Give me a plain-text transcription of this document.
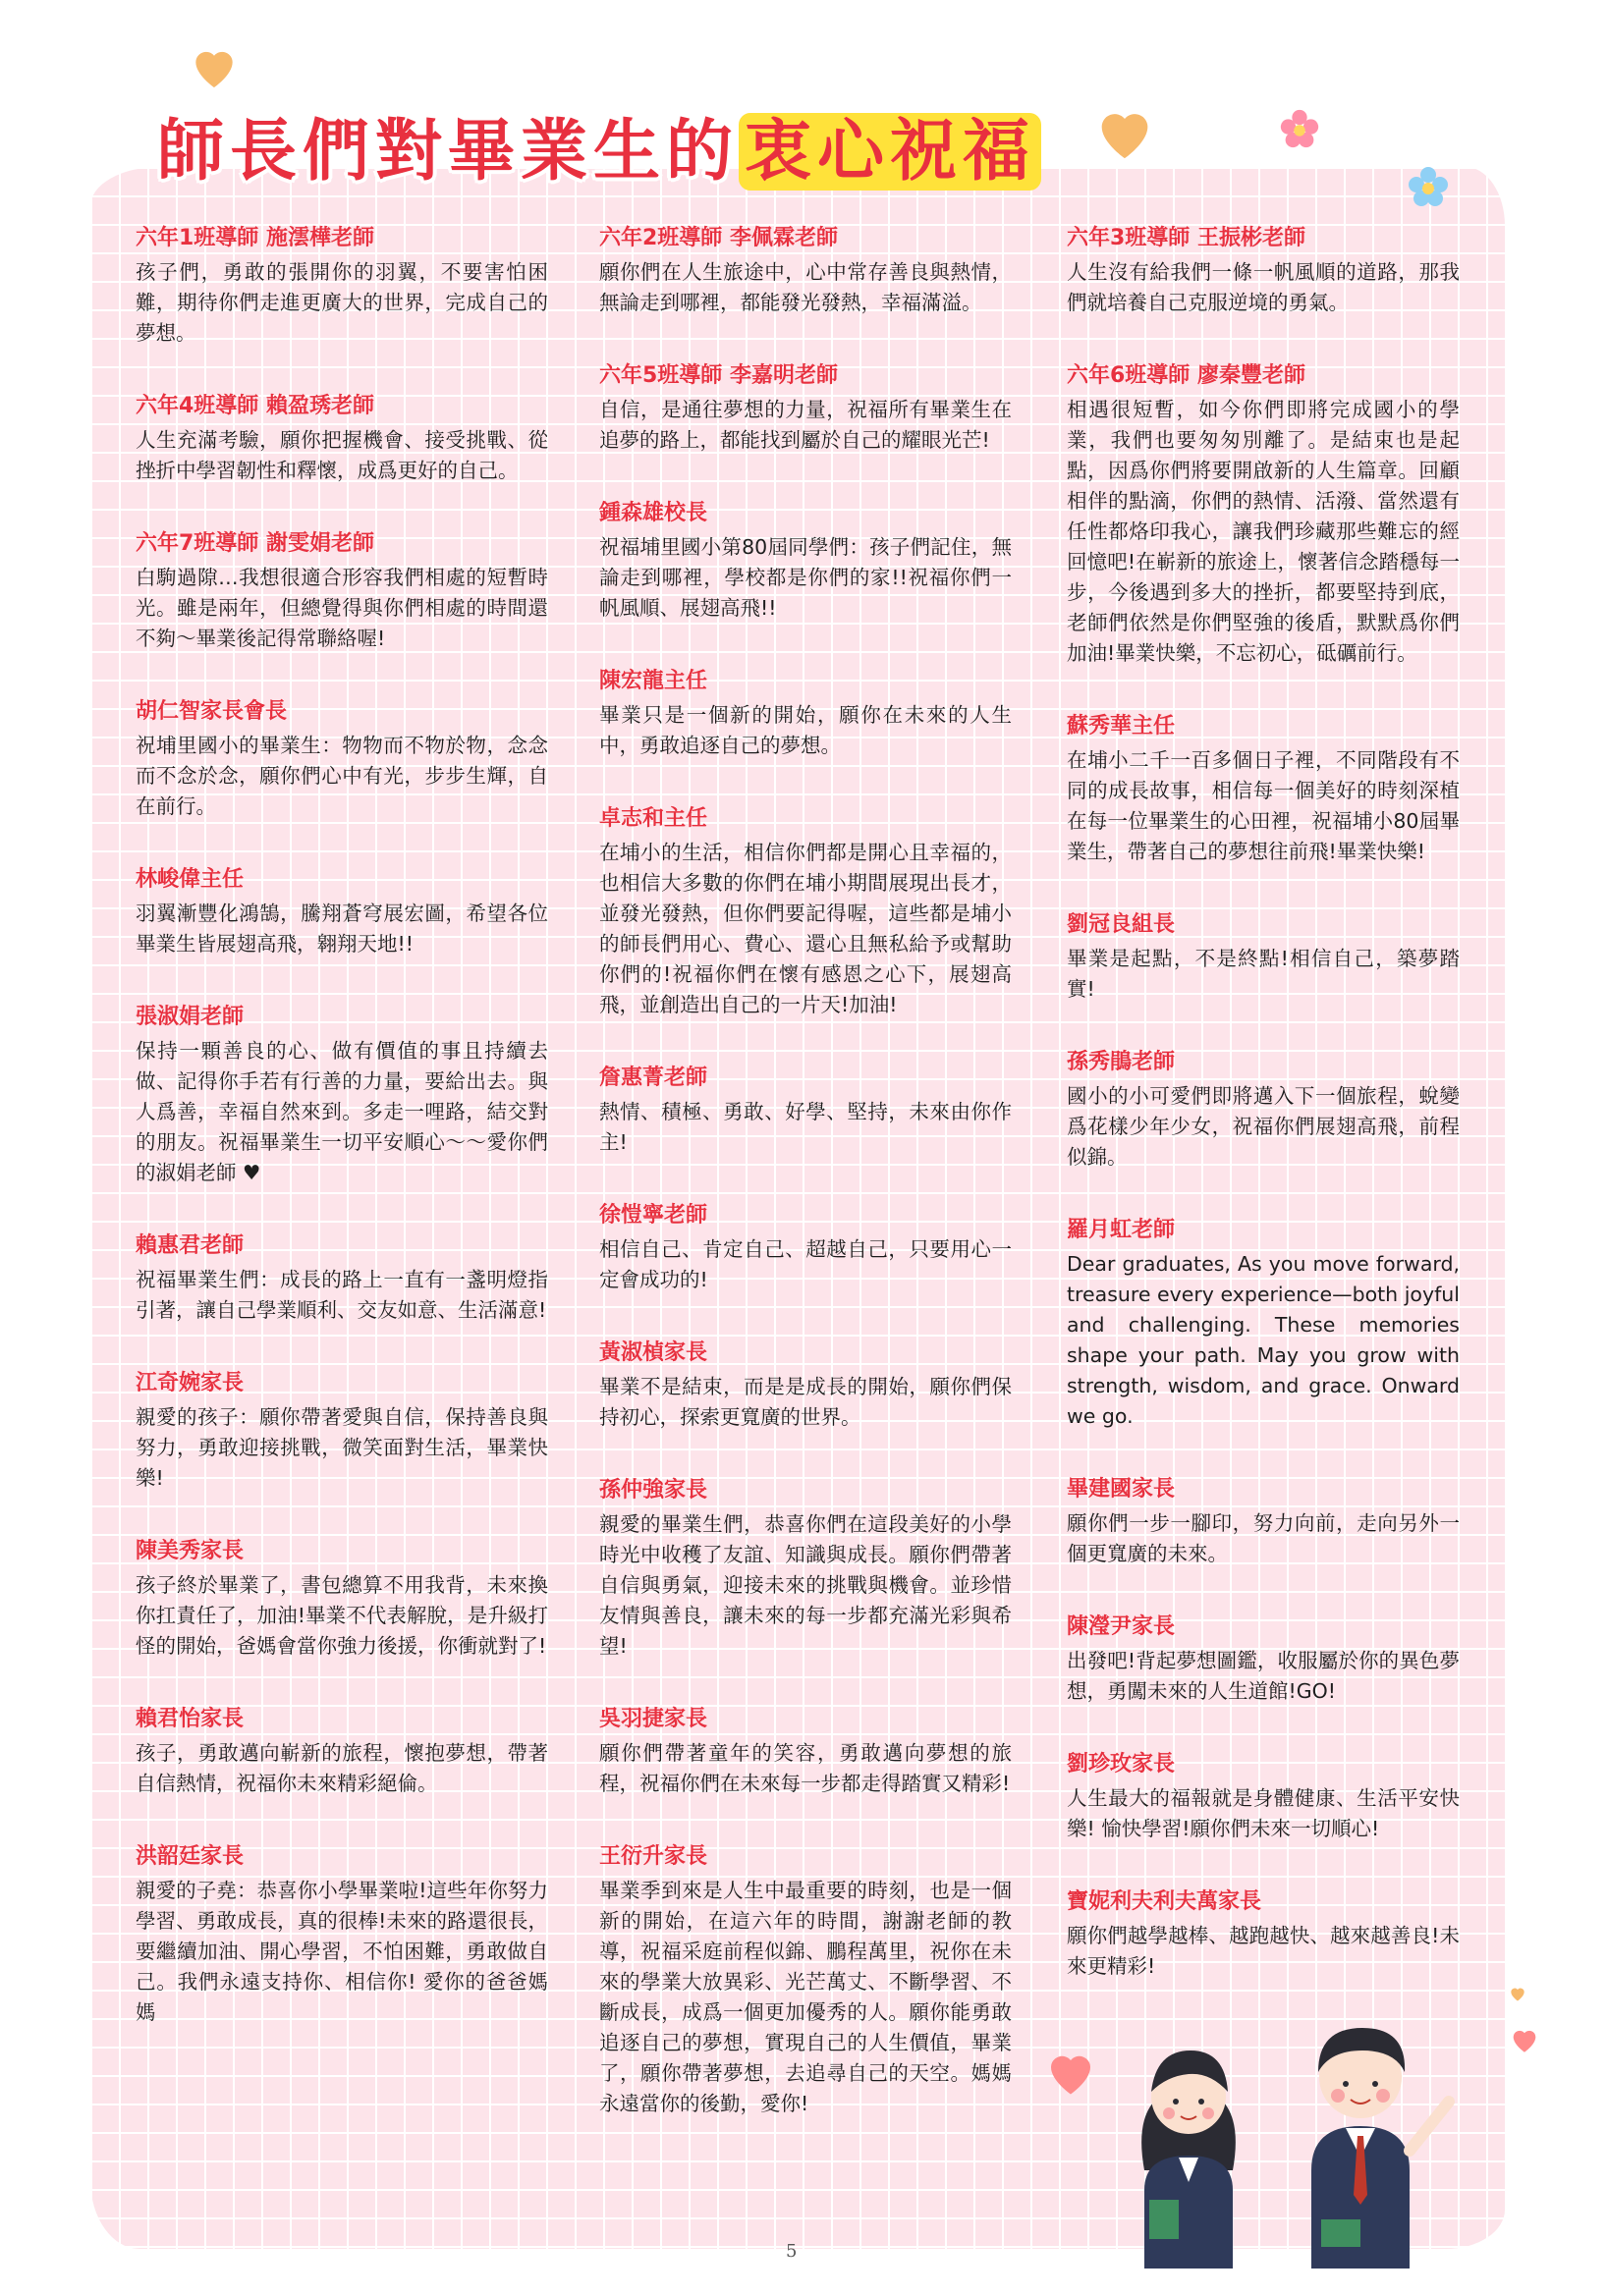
師長們對畢業生的衷心祝福
六年1班導師 施澐樺老師
孩子們，勇敢的張開你的羽翼，不要害怕困難，期待你們走進更廣大的世界，完成自己的夢想。
六年4班導師 賴盈琇老師
人生充滿考驗，願你把握機會、接受挑戰、從挫折中學習韌性和釋懷，成爲更好的自己。
六年7班導師 謝雯娟老師
白駒過隙…我想很適合形容我們相處的短暫時光。雖是兩年，但總覺得與你們相處的時間還不夠～畢業後記得常聯絡喔!
胡仁智家長會長
祝埔里國小的畢業生：物物而不物於物，念念而不念於念，願你們心中有光，步步生輝，自在前行。
林峻偉主任
羽翼漸豐化鴻鵠，騰翔蒼穹展宏圖，希望各位畢業生皆展翅高飛，翱翔天地!!
張淑娟老師
保持一顆善良的心、做有價值的事且持續去做、記得你手若有行善的力量，要給出去。與人爲善，幸福自然來到。多走一哩路，結交對的朋友。祝福畢業生一切平安順心～～愛你們的淑娟老師 ♥
賴惠君老師
祝福畢業生們：成長的路上一直有一盞明燈指引著，讓自己學業順利、交友如意、生活滿意!
江奇婉家長
親愛的孩子：願你帶著愛與自信，保持善良與努力，勇敢迎接挑戰，微笑面對生活，畢業快樂!
陳美秀家長
孩子終於畢業了，書包總算不用我背，未來換你扛責任了，加油!畢業不代表解脫，是升級打怪的開始，爸媽會當你強力後援，你衝就對了!
賴君怡家長
孩子，勇敢邁向嶄新的旅程，懷抱夢想，帶著自信熱情，祝福你未來精彩絕倫。
洪韶廷家長
親愛的子堯：恭喜你小學畢業啦!這些年你努力學習、勇敢成長，真的很棒!未來的路還很長，要繼續加油、開心學習，不怕困難，勇敢做自己。我們永遠支持你、相信你! 愛你的爸爸媽媽
六年2班導師 李佩霖老師
願你們在人生旅途中，心中常存善良與熱情，無論走到哪裡，都能發光發熱，幸福滿溢。
六年5班導師 李嘉明老師
自信，是通往夢想的力量，祝福所有畢業生在追夢的路上，都能找到屬於自己的耀眼光芒!
鍾森雄校長
祝福埔里國小第80屆同學們：孩子們記住，無論走到哪裡，學校都是你們的家!!祝福你們一帆風順、展翅高飛!!
陳宏龍主任
畢業只是一個新的開始，願你在未來的人生中，勇敢追逐自己的夢想。
卓志和主任
在埔小的生活，相信你們都是開心且幸福的，也相信大多數的你們在埔小期間展現出長才，並發光發熱，但你們要記得喔，這些都是埔小的師長們用心、費心、還心且無私給予或幫助你們的!祝福你們在懷有感恩之心下，展翅高飛，並創造出自己的一片天!加油!
詹惠菁老師
熱情、積極、勇敢、好學、堅持，未來由你作主!
徐愷寧老師
相信自己、肯定自己、超越自己，只要用心一定會成功的!
黃淑楨家長
畢業不是結束，而是是成長的開始，願你們保持初心，探索更寬廣的世界。
孫仲強家長
親愛的畢業生們，恭喜你們在這段美好的小學時光中收穫了友誼、知識與成長。願你們帶著自信與勇氣，迎接未來的挑戰與機會。並珍惜友情與善良，讓未來的每一步都充滿光彩與希望!
吳羽捷家長
願你們帶著童年的笑容，勇敢邁向夢想的旅程，祝福你們在未來每一步都走得踏實又精彩!
王衍升家長
畢業季到來是人生中最重要的時刻，也是一個新的開始，在這六年的時間，謝謝老師的教導，祝福采庭前程似錦、鵬程萬里，祝你在未來的學業大放異彩、光芒萬丈、不斷學習、不斷成長，成爲一個更加優秀的人。願你能勇敢追逐自己的夢想，實現自己的人生價值，畢業了，願你帶著夢想，去追尋自己的天空。媽媽永遠當你的後勤，愛你!
六年3班導師 王振彬老師
人生沒有給我們一條一帆風順的道路，那我們就培養自己克服逆境的勇氣。
六年6班導師 廖秦豐老師
相遇很短暫，如今你們即將完成國小的學業，我們也要匆匆別離了。是結束也是起點，因爲你們將要開啟新的人生篇章。回顧相伴的點滴，你們的熱情、活潑、當然還有任性都烙印我心，讓我們珍藏那些難忘的經回憶吧!在嶄新的旅途上，懷著信念踏穩每一步，今後遇到多大的挫折，都要堅持到底，老師們依然是你們堅強的後盾，默默爲你們加油!畢業快樂，不忘初心，砥礪前行。
蘇秀華主任
在埔小二千一百多個日子裡，不同階段有不同的成長故事，相信每一個美好的時刻深植在每一位畢業生的心田裡，祝福埔小80屆畢業生，帶著自己的夢想往前飛!畢業快樂!
劉冠良組長
畢業是起點，不是終點!相信自己，築夢踏實!
孫秀鵑老師
國小的小可愛們即將邁入下一個旅程，蛻變爲花樣少年少女，祝福你們展翅高飛，前程似錦。
羅月虹老師
Dear graduates, As you move forward, treasure every experience—both joyful and challenging. These memories shape your path. May you grow with strength, wisdom, and grace. Onward we go.
畢建國家長
願你們一步一腳印，努力向前，走向另外一個更寬廣的未來。
陳瀅尹家長
出發吧!背起夢想圖鑑，收服屬於你的異色夢想，勇闖未來的人生道館!GO!
劉珍玫家長
人生最大的福報就是身體健康、生活平安快樂! 愉快學習!願你們未來一切順心!
寶妮利夫利夫萬家長
願你們越學越棒、越跑越快、越來越善良!未來更精彩!
5
